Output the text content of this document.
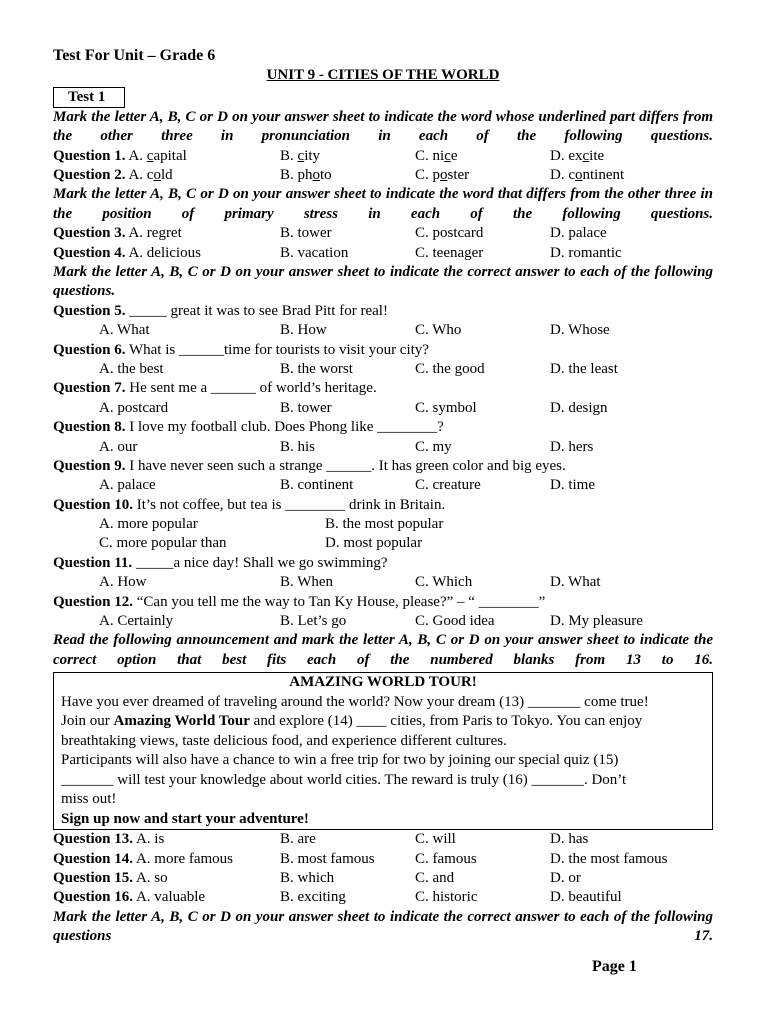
Test For Unit – Grade 6
UNIT 9 - CITIES OF THE WORLD
Test 1
Mark the letter A, B, C or D on your answer sheet to indicate the word whose underlined part differs from the other three in pronunciation in each of the following questions.
Question 1. A. capital	B. city	C. nice	D. excite
Question 2. A. cold	B. photo	C. poster	D. continent
Mark the letter A, B, C or D on your answer sheet to indicate the word that differs from the other three in the position of primary stress in each of the following questions.
Question 3. A. regret	B. tower	C. postcard	D. palace
Question 4. A. delicious	B. vacation	C. teenager	D. romantic
Mark the letter A, B, C or D on your answer sheet to indicate the correct answer to each of the following questions.
Question 5. _____ great it was to see Brad Pitt for real!
A. What	B. How	C. Who	D. Whose
Question 6. What is ______time for tourists to visit your city?
A. the best	B. the worst	C. the good	D. the least
Question 7. He sent me a ______ of world’s heritage.
A. postcard	B. tower	C. symbol	D. design
Question 8. I love my football club. Does Phong like ________?
A. our	B. his	C. my	D. hers
Question 9. I have never seen such a strange ______. It has green color and big eyes.
A. palace	B. continent	C. creature	D. time
Question 10. It’s not coffee, but tea is ________ drink in Britain.
A. more popular	B. the most popular
C. more popular than	D. most popular
Question 11. _____a nice day! Shall we go swimming?
A. How	B. When	C. Which	D. What
Question 12. “Can you tell me the way to Tan Ky House, please?” – “ ________”
A. Certainly	B. Let’s go	C. Good idea	D. My pleasure
Read the following announcement and mark the letter A, B, C or D on your answer sheet to indicate the correct option that best fits each of the numbered blanks from 13 to 16.
AMAZING WORLD TOUR!
Have you ever dreamed of traveling around the world? Now your dream (13) _______ come true!
Join our Amazing World Tour and explore (14) ____ cities, from Paris to Tokyo. You can enjoy
breathtaking views, taste delicious food, and experience different cultures.
Participants will also have a chance to win a free trip for two by joining our special quiz (15)
_______ will test your knowledge about world cities. The reward is truly (16) _______. Don’t
miss out!
Sign up now and start your adventure!
Question 13. A. is	B. are	C. will	D. has
Question 14. A. more famous	B. most famous	C. famous	D. the most famous
Question 15. A. so	B. which	C. and	D. or
Question 16. A. valuable	B. exciting	C. historic	D. beautiful
Mark the letter A, B, C or D on your answer sheet to indicate the correct answer to each of the following questions 17.
Page 1
